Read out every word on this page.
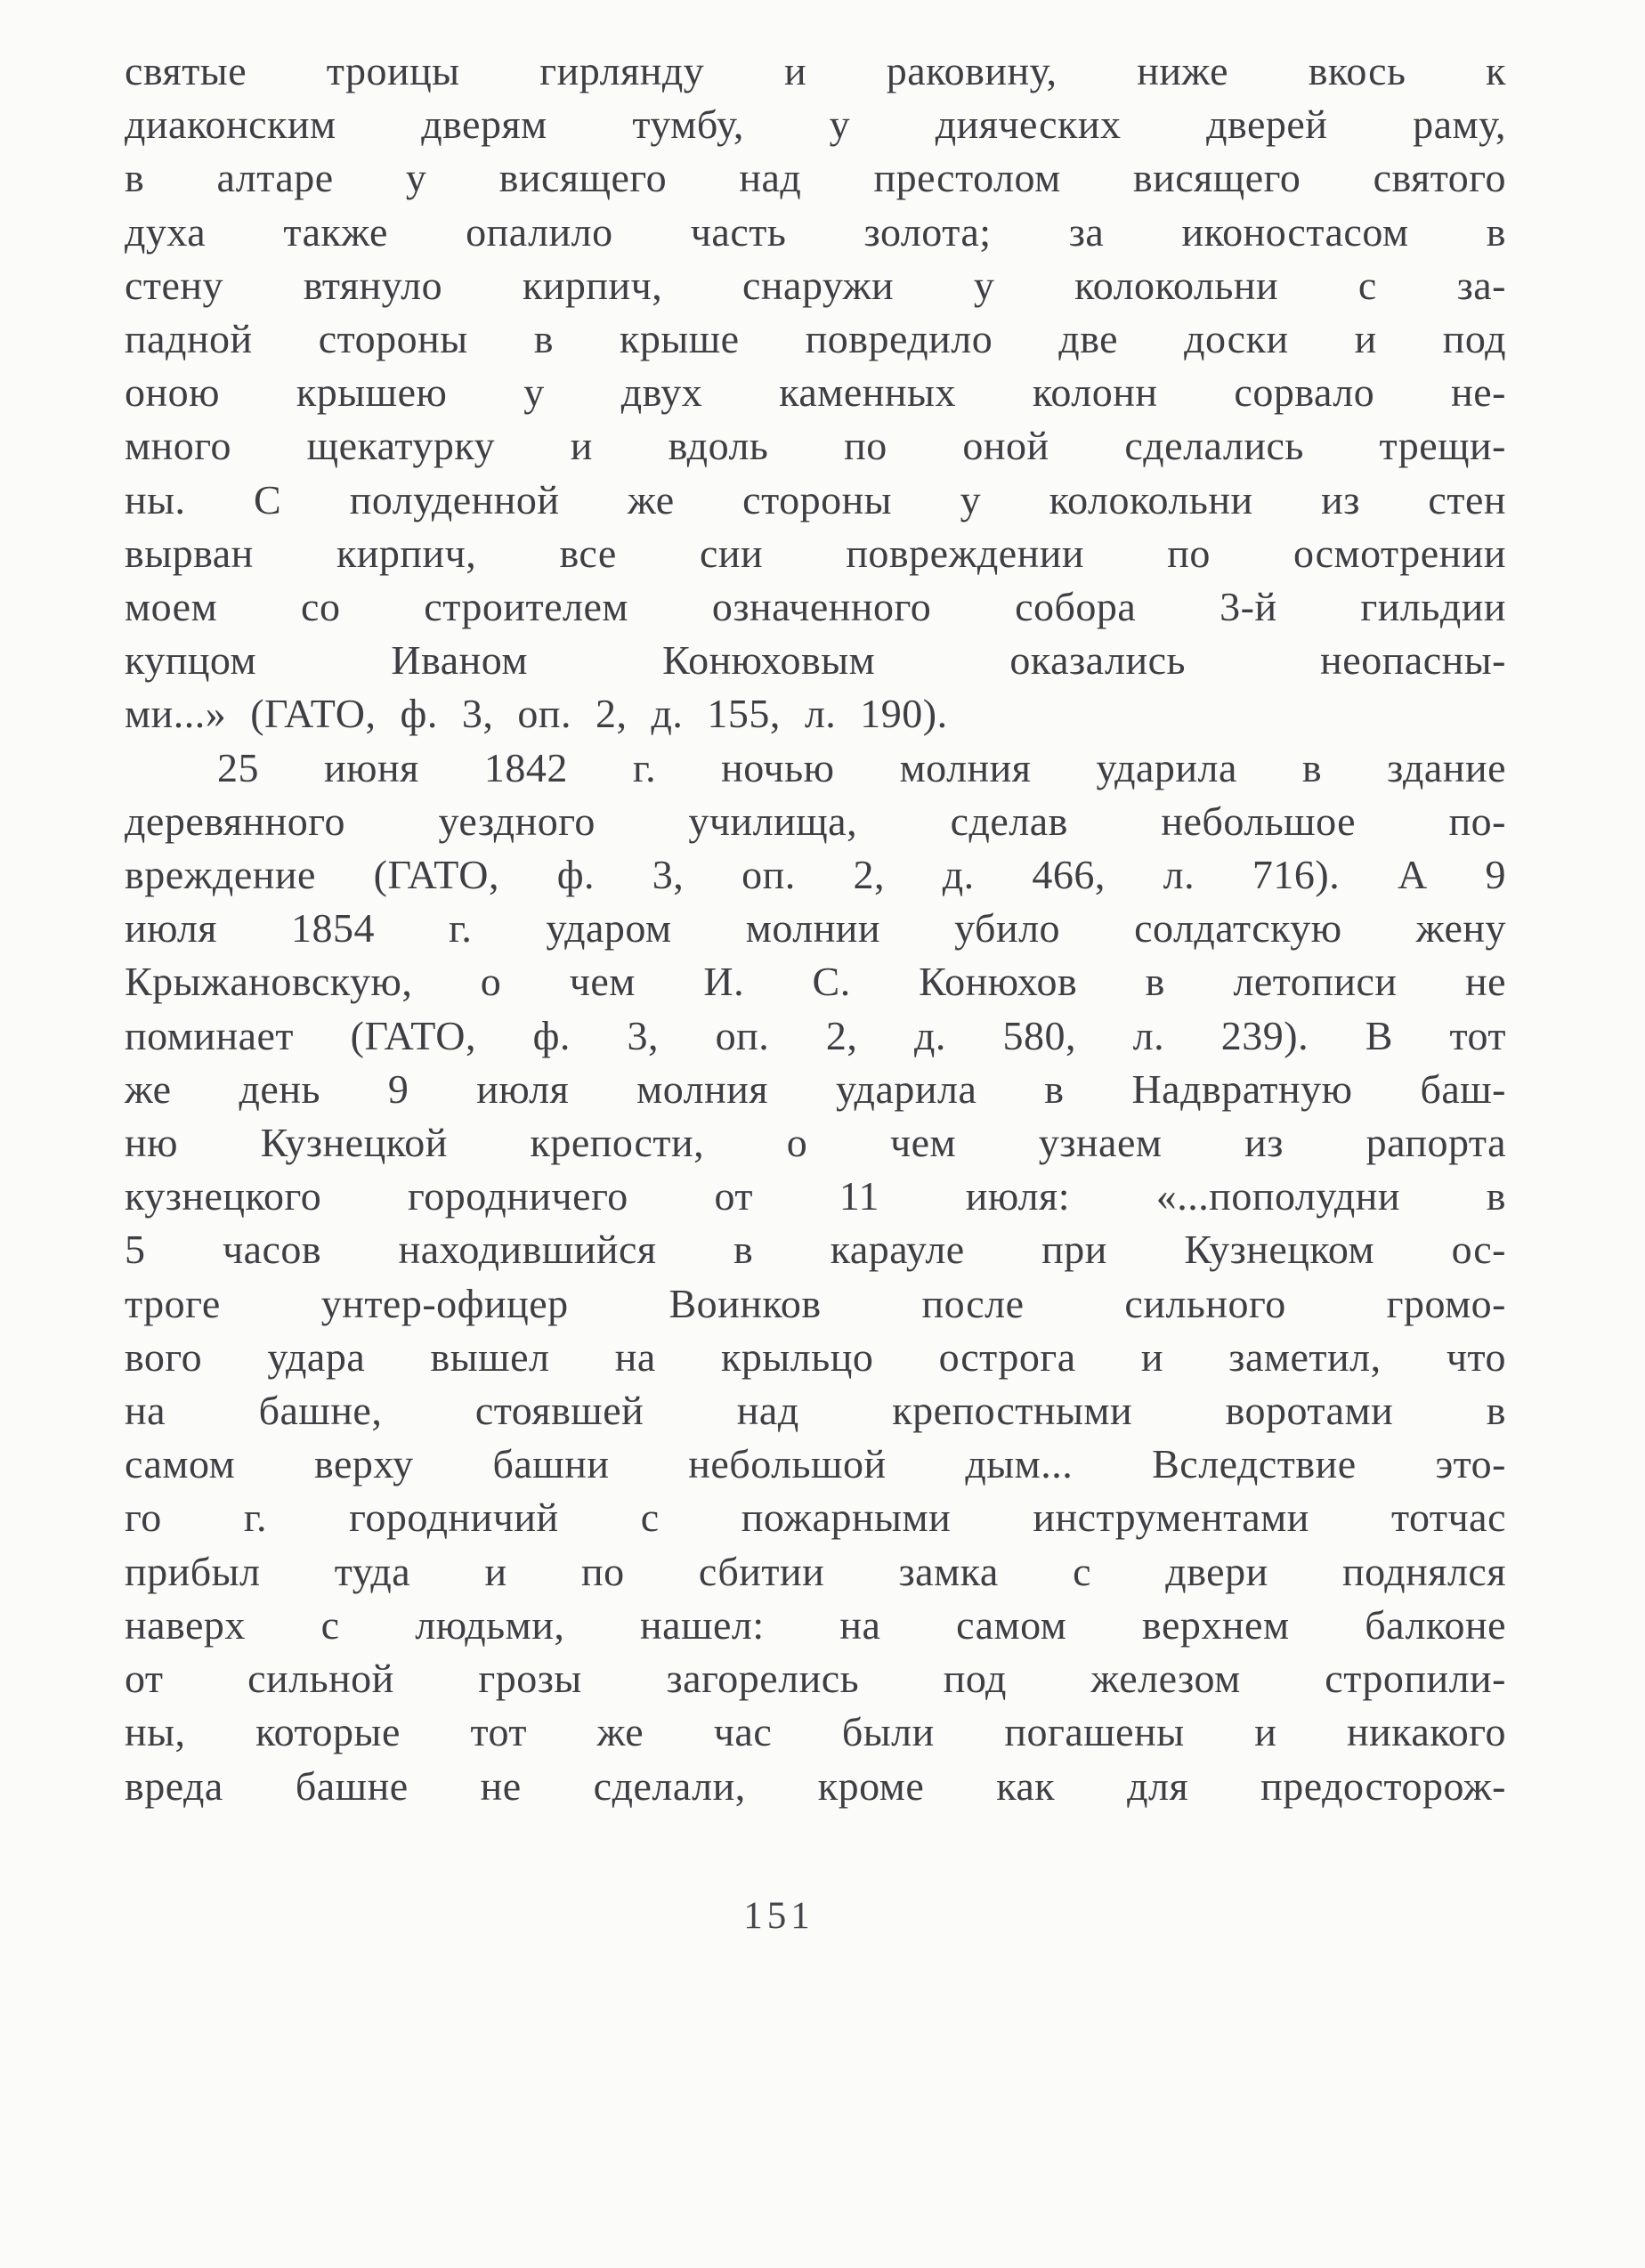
святые троицы гирлянду и раковину, ниже вкось к
диаконским дверям тумбу, у дияческих дверей раму,
в алтаре у висящего над престолом висящего святого
духа также опалило часть золота; за иконостасом в
стену втянуло кирпич, снаружи у колокольни с за-
падной стороны в крыше повредило две доски и под
оною крышею у двух каменных колонн сорвало не-
много щекатурку и вдоль по оной сделались трещи-
ны. С полуденной же стороны у колокольни из стен
вырван кирпич, все сии повреждении по осмотрении
моем со строителем означенного собора 3-й гильдии
купцом Иваном Конюховым оказались неопасны-
ми...» (ГАТО, ф. 3, оп. 2, д. 155, л. 190).
25 июня 1842 г. ночью молния ударила в здание
деревянного уездного училища, сделав небольшое по-
вреждение (ГАТО, ф. 3, оп. 2, д. 466, л. 716). А 9
июля 1854 г. ударом молнии убило солдатскую жену
Крыжановскую, о чем И. С. Конюхов в летописи не
поминает (ГАТО, ф. 3, оп. 2, д. 580, л. 239). В тот
же день 9 июля молния ударила в Надвратную баш-
ню Кузнецкой крепости, о чем узнаем из рапорта
кузнецкого городничего от 11 июля: «...пополудни в
5 часов находившийся в карауле при Кузнецком ос-
троге унтер-офицер Воинков после сильного громо-
вого удара вышел на крыльцо острога и заметил, что
на башне, стоявшей над крепостными воротами в
самом верху башни небольшой дым... Вследствие это-
го г. городничий с пожарными инструментами тотчас
прибыл туда и по сбитии замка с двери поднялся
наверх с людьми, нашел: на самом верхнем балконе
от сильной грозы загорелись под железом стропили-
ны, которые тот же час были погашены и никакого
вреда башне не сделали, кроме как для предосторож-
151
